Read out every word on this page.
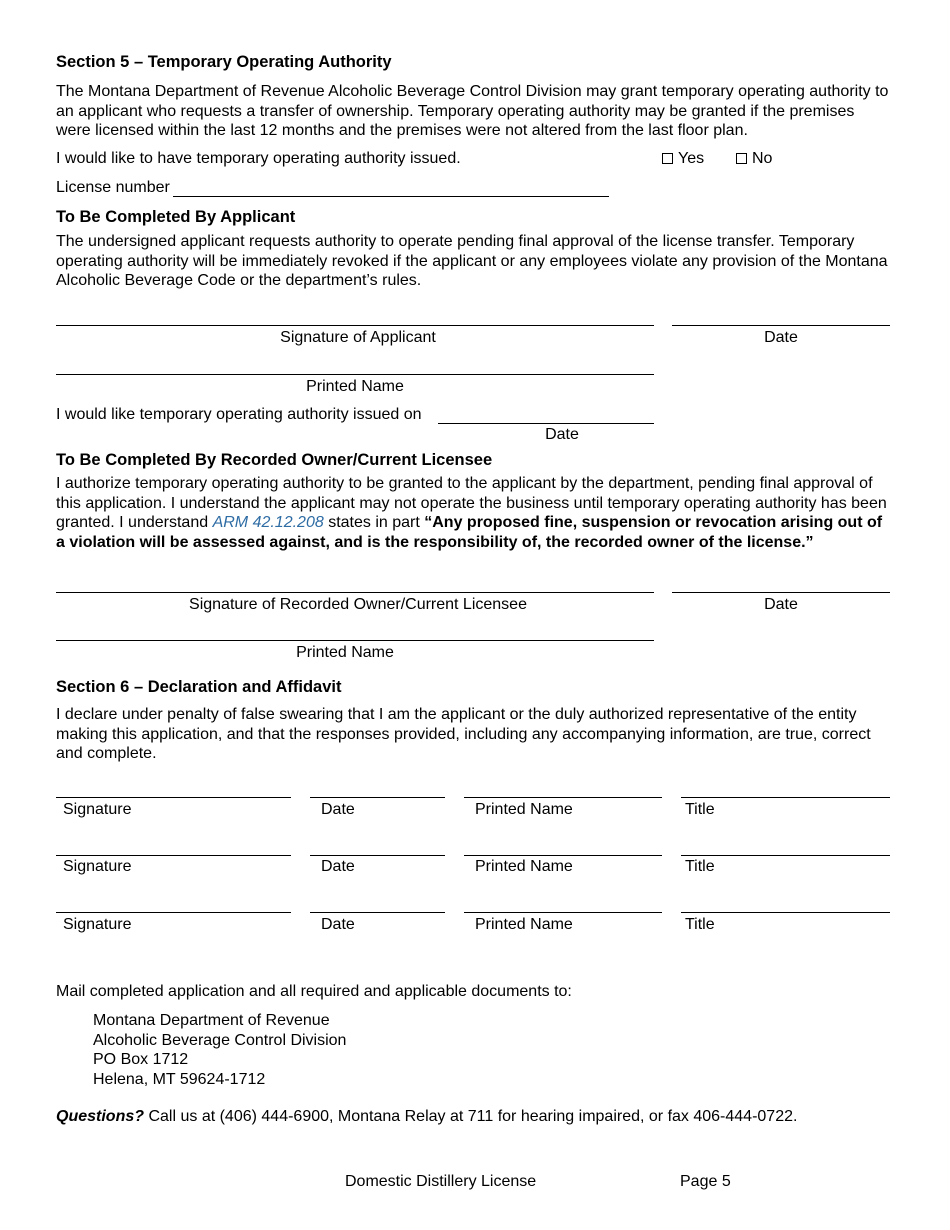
Section 5 – Temporary Operating Authority

The Montana Department of Revenue Alcoholic Beverage Control Division may grant temporary operating authority to an applicant who requests a transfer of ownership. Temporary operating authority may be granted if the premises were licensed within the last 12 months and the premises were not altered from the last floor plan.

I would like to have temporary operating authority issued.	Yes	No
License number
To Be Completed By Applicant

The undersigned applicant requests authority to operate pending final approval of the license transfer. Temporary operating authority will be immediately revoked if the applicant or any employees violate any provision of the Montana Alcoholic Beverage Code or the department’s rules.

Signature of Applicant	Date
Printed Name
I would like temporary operating authority issued on
Date
To Be Completed By Recorded Owner/Current Licensee

I authorize temporary operating authority to be granted to the applicant by the department, pending final approval of this application. I understand the applicant may not operate the business until temporary operating authority has been granted. I understand ARM 42.12.208 states in part “Any proposed fine, suspension or revocation arising out of a violation will be assessed against, and is the responsibility of, the recorded owner of the license.”

Signature of Recorded Owner/Current Licensee	Date
Printed Name
Section 6 – Declaration and Affidavit

I declare under penalty of false swearing that I am the applicant or the duly authorized representative of the entity making this application, and that the responses provided, including any accompanying information, are true, correct and complete.

Signature	Date	Printed Name	Title
Signature	Date	Printed Name	Title
Signature	Date	Printed Name	Title
Mail completed application and all required and applicable documents to:
Montana Department of Revenue
Alcoholic Beverage Control Division
PO Box 1712
Helena, MT 59624-1712
Questions? Call us at (406) 444-6900, Montana Relay at 711 for hearing impaired, or fax 406-444-0722.
Domestic Distillery License	Page 5
